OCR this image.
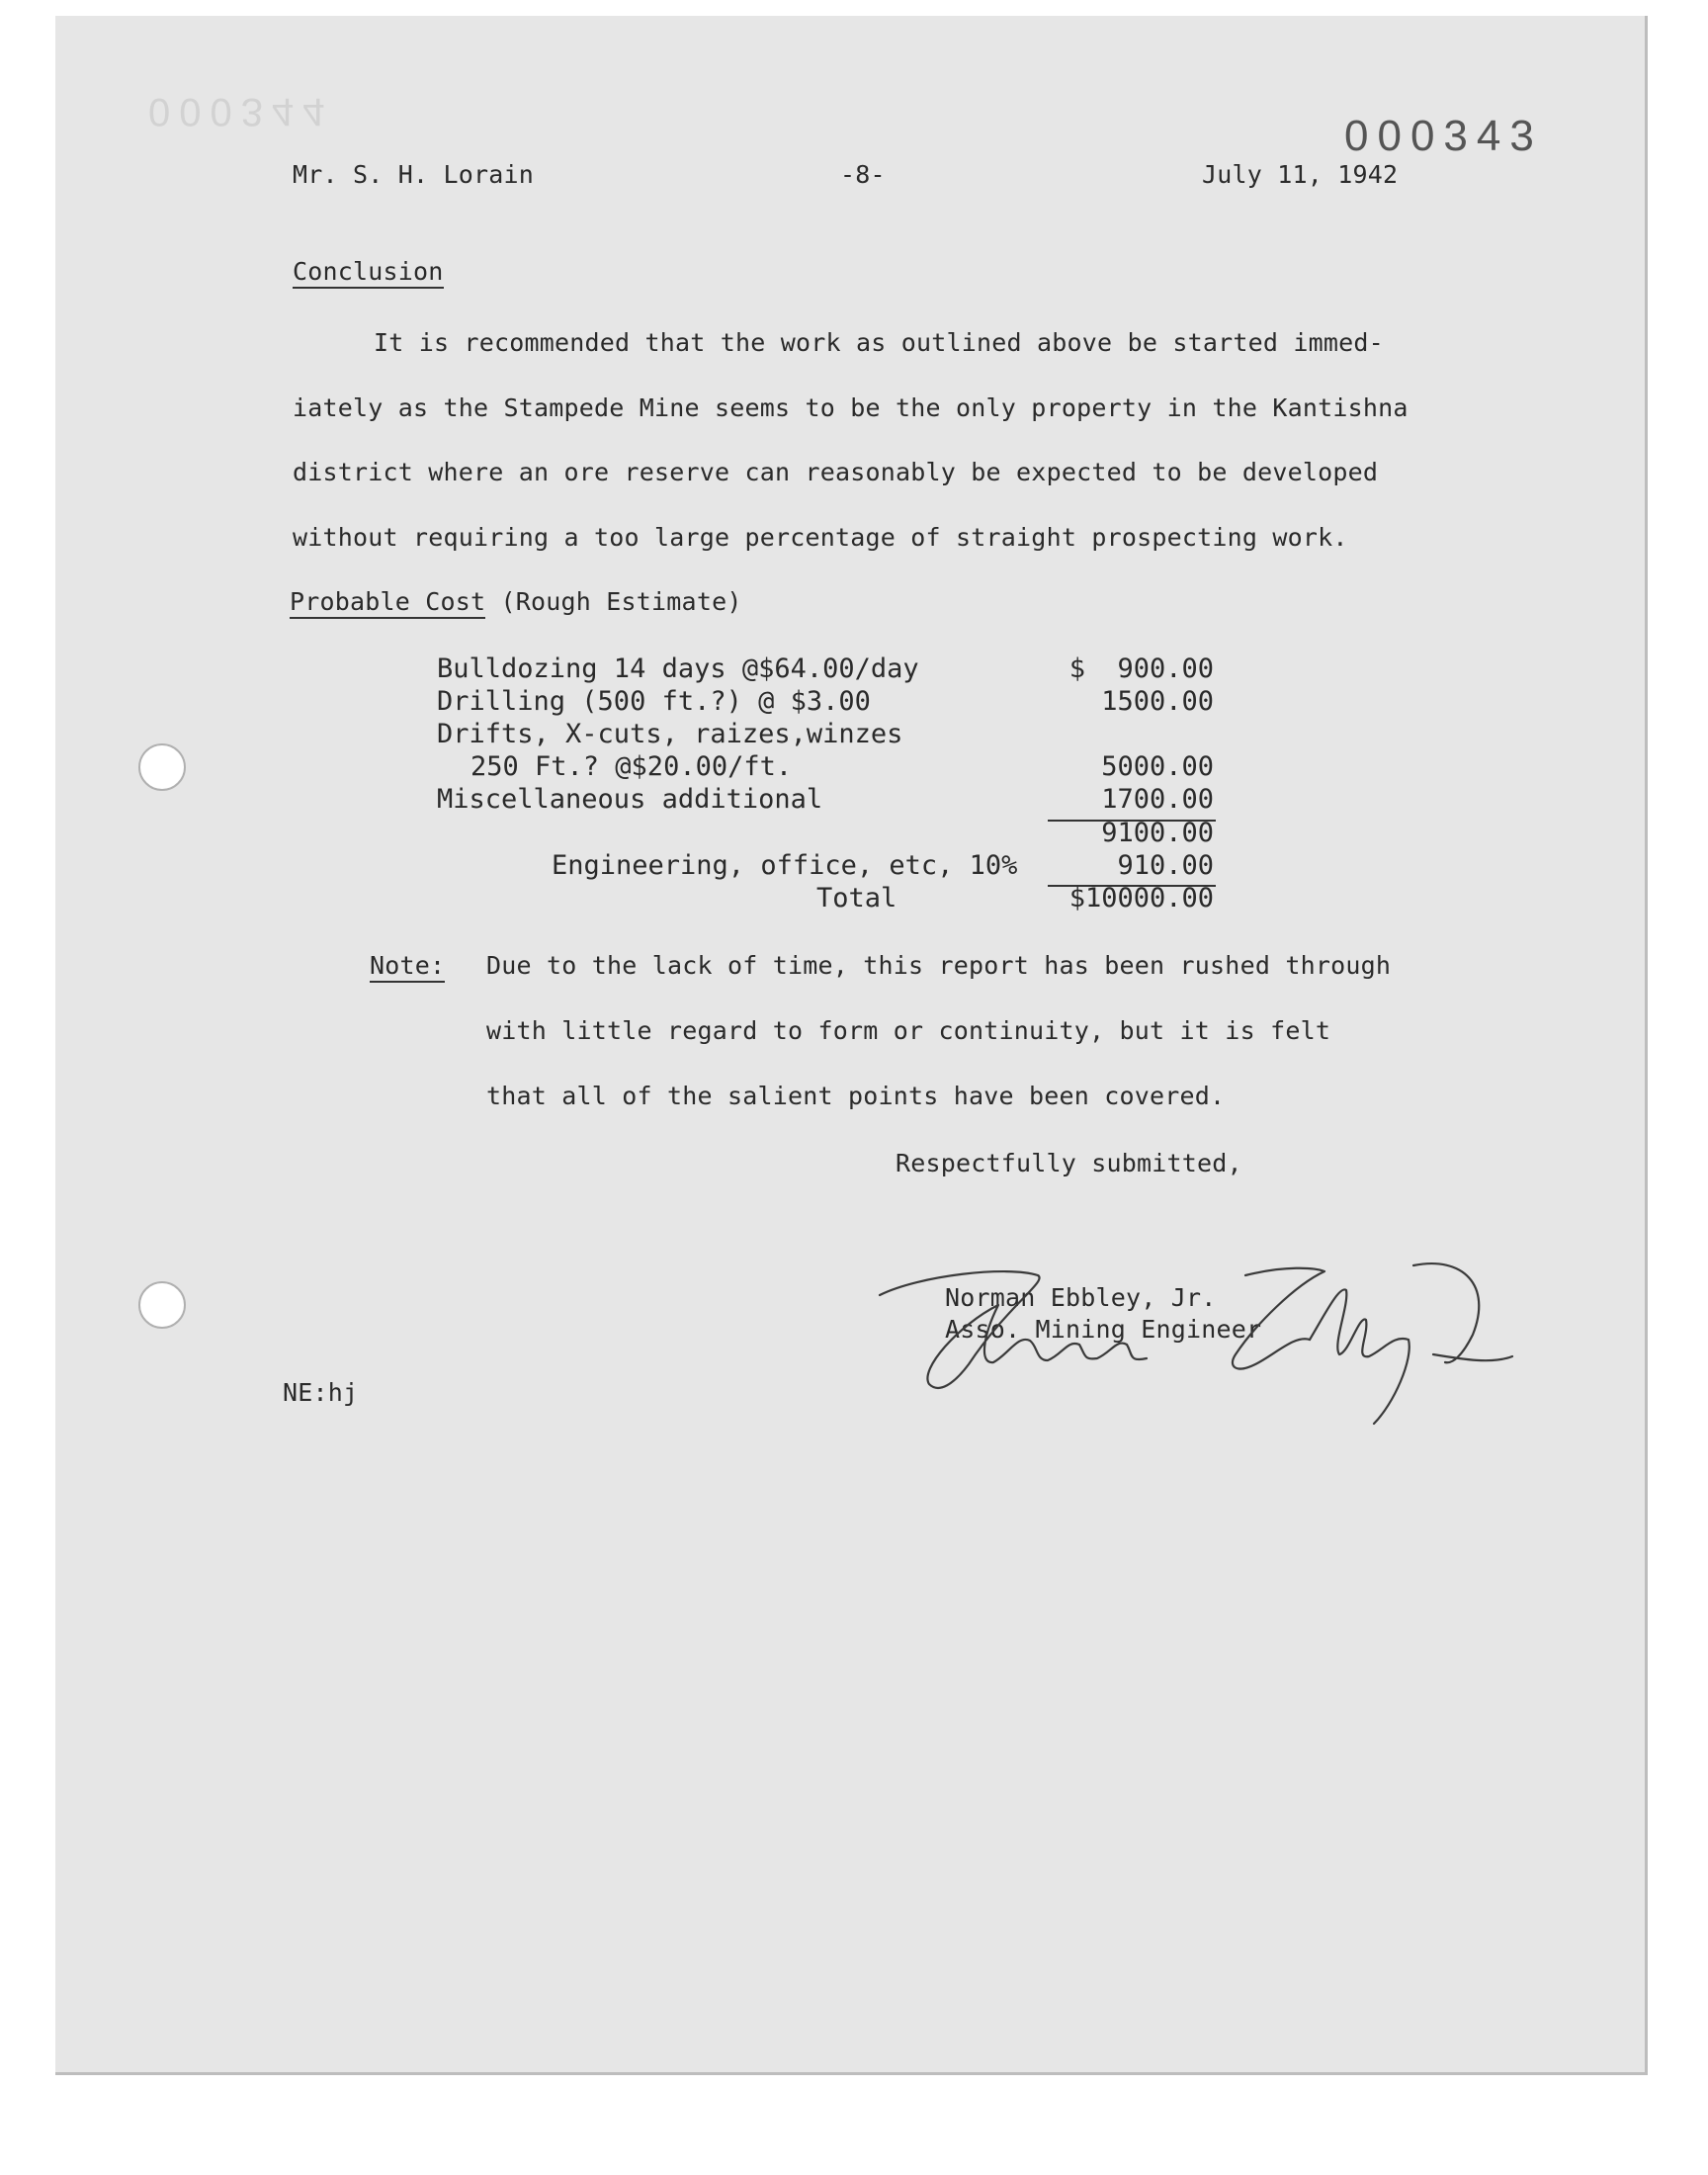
000344	000343
Mr. S. H. Lorain	-8-	July 11, 1942
Conclusion
It is recommended that the work as outlined above be started immed-
iately as the Stampede Mine seems to be the only property in the Kantishna
district where an ore reserve can reasonably be expected to be developed
without requiring a too large percentage of straight prospecting work.
Probable Cost (Rough Estimate)
Bulldozing 14 days @$64.00/day	$  900.00
Drilling (500 ft.?) @ $3.00	1500.00
Drifts, X-cuts, raizes,winzes
250 Ft.? @$20.00/ft.	5000.00
Miscellaneous additional	1700.00
9100.00
Engineering, office, etc, 10%	910.00
Total	$10000.00
Note: Due to the lack of time, this report has been rushed through
with little regard to form or continuity, but it is felt
that all of the salient points have been covered.
Respectfully submitted,
Norman Ebbley, Jr.
Asso. Mining Engineer
NE:hj
